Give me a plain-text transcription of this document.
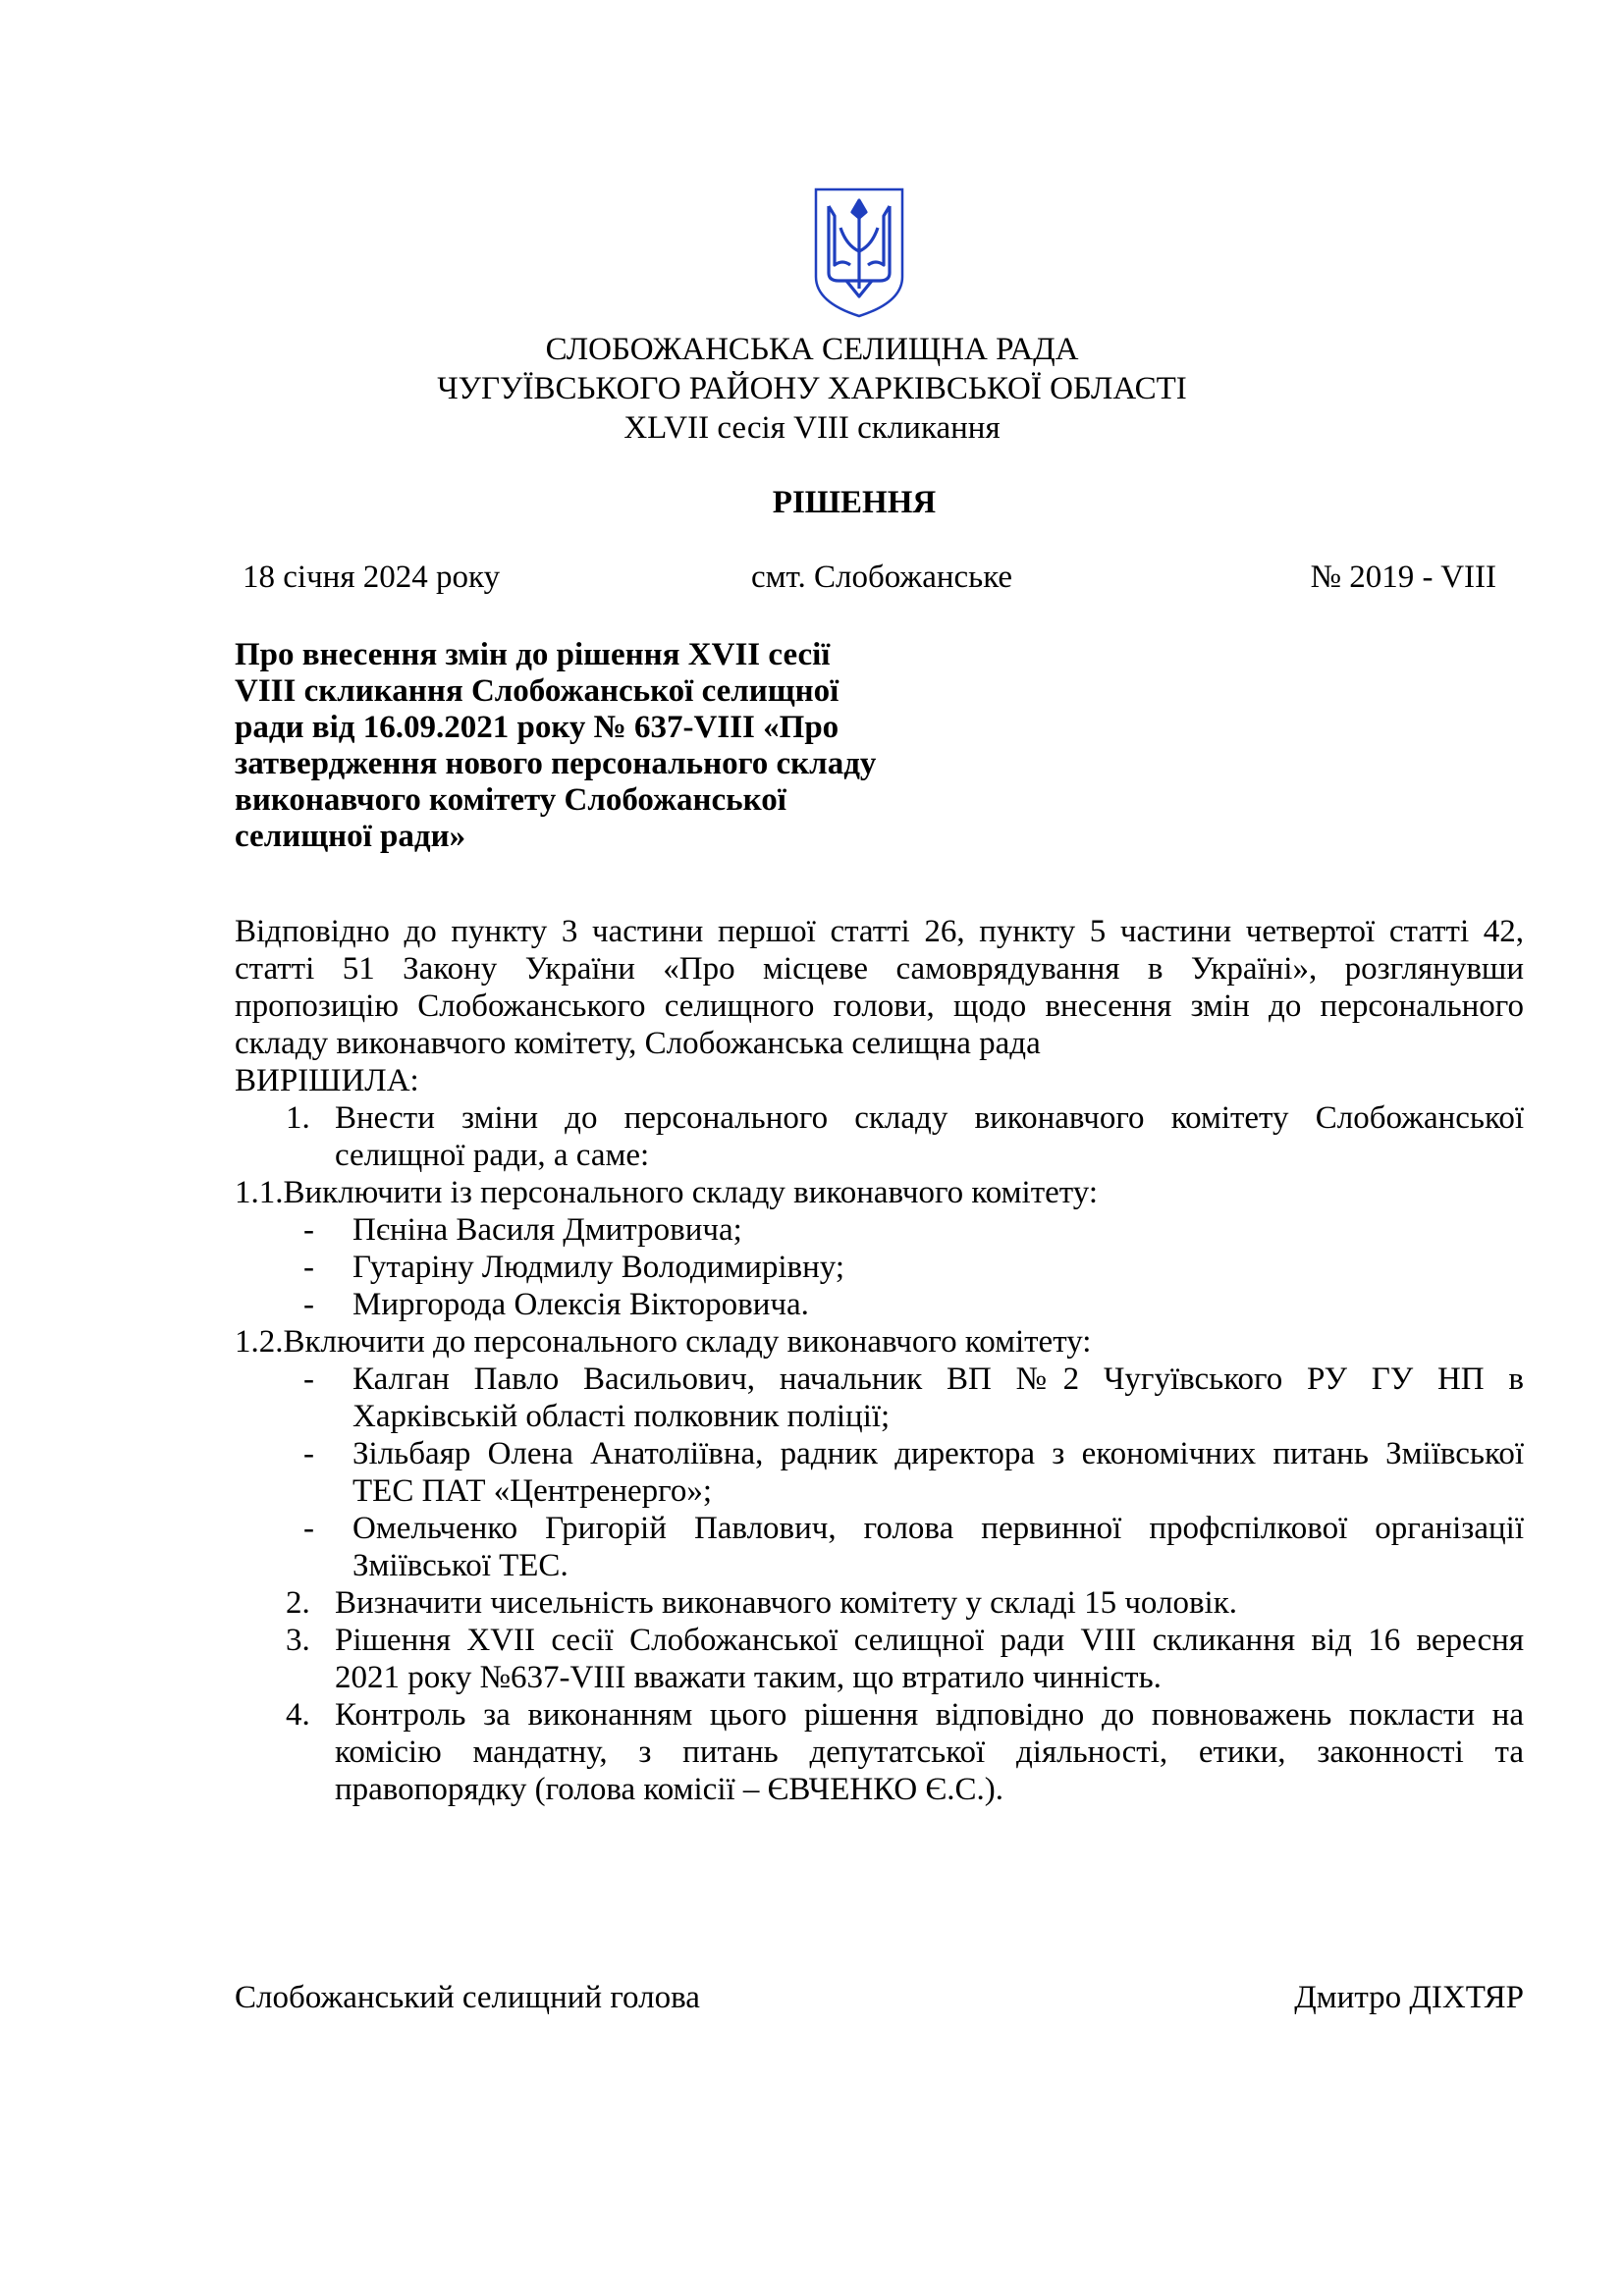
СЛОБОЖАНСЬКА СЕЛИЩНА РАДА
ЧУГУЇВСЬКОГО РАЙОНУ ХАРКІВСЬКОЇ ОБЛАСТІ
XLVII сесія VIII скликання
РІШЕННЯ
18 січня 2024 року	смт. Слобожанське	№ 2019 - VIII
Про внесення змін до рішення XVII сесії
VIII скликання Слобожанської селищної
ради від 16.09.2021 року № 637-VIII «Про
затвердження нового персонального складу
виконавчого комітету Слобожанської
селищної ради»
Відповідно до пункту 3 частини першої статті 26, пункту 5 частини четвертої статті 42,
статті 51 Закону України «Про місцеве самоврядування в Україні», розглянувши
пропозицію Слобожанського селищного голови, щодо внесення змін до персонального
складу виконавчого комітету, Слобожанська селищна рада
ВИРІШИЛА:
1. Внести зміни до персонального складу виконавчого комітету Слобожанської
селищної ради, а саме:
1.1.Виключити із персонального складу виконавчого комітету:
- Пєніна Василя Дмитровича;
- Гутаріну Людмилу Володимирівну;
- Миргорода Олексія Вікторовича.
1.2.Включити до персонального складу виконавчого комітету:
- Калган Павло Васильович, начальник ВП №2 Чугуївського РУ ГУ НП в
Харківській області полковник поліції;
- Зільбаяр Олена Анатоліївна, радник директора з економічних питань Зміївської
ТЕС ПАТ «Центренерго»;
- Омельченко Григорій Павлович, голова первинної профспілкової організації
Зміївської ТЕС.
2. Визначити чисельність виконавчого комітету у складі 15 чоловік.
3. Рішення XVII сесії Слобожанської селищної ради VIII скликання від 16 вересня
2021 року №637-VIII вважати таким, що втратило чинність.
4. Контроль за виконанням цього рішення відповідно до повноважень покласти на
комісію мандатну, з питань депутатської діяльності, етики, законності та
правопорядку (голова комісії – ЄВЧЕНКО Є.С.).
Слобожанський селищний голова	Дмитро ДІХТЯР
